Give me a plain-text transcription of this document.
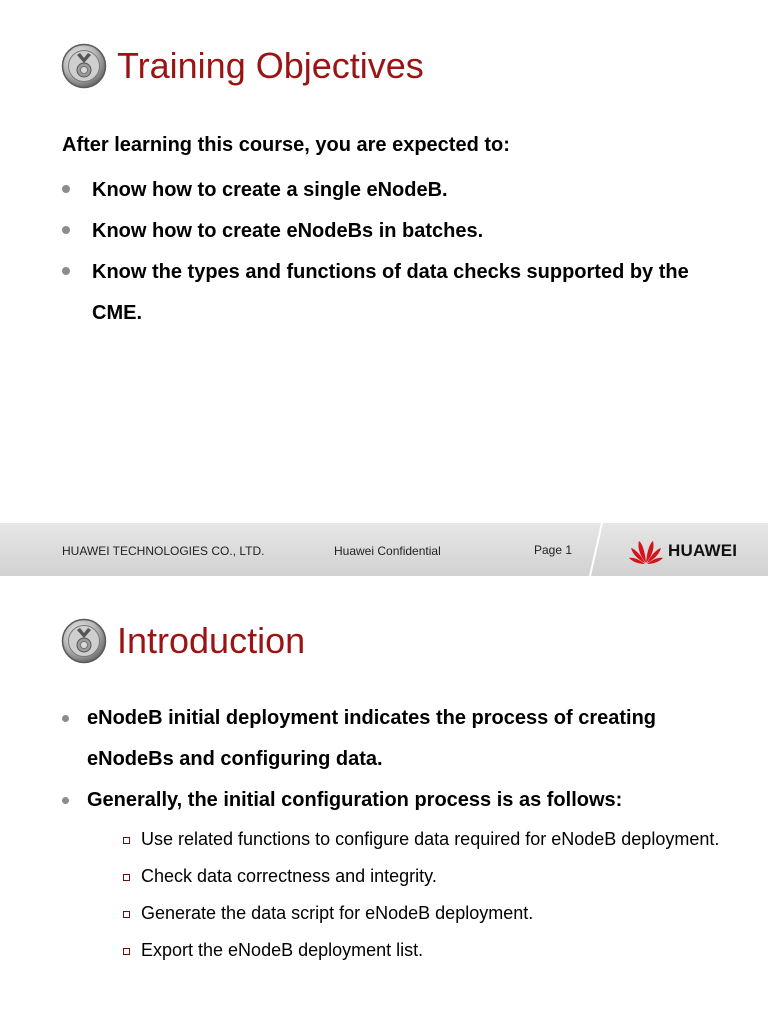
Training Objectives
After learning this course, you are expected to:
Know how to create a single eNodeB.
Know how to create eNodeBs in batches.
Know the types and functions of data checks supported by the CME.
HUAWEI TECHNOLOGIES CO., LTD.	Huawei Confidential	Page 1	HUAWEI
Introduction
eNodeB initial deployment indicates the process of creating eNodeBs and configuring data.
Generally, the initial configuration process is as follows:
Use related functions to configure data required for eNodeB deployment.
Check data correctness and integrity.
Generate the data script for eNodeB deployment.
Export the eNodeB deployment list.
